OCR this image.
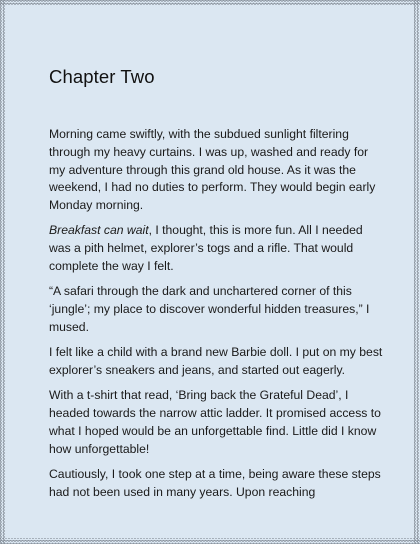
Chapter Two

Morning came swiftly, with the subdued sunlight filtering through my heavy curtains. I was up, washed and ready for my adventure through this grand old house. As it was the weekend, I had no duties to perform. They would begin early Monday morning.

Breakfast can wait, I thought, this is more fun. All I needed was a pith helmet, explorer’s togs and a rifle. That would complete the way I felt.

“A safari through the dark and unchartered corner of this ‘jungle’; my place to discover wonderful hidden treasures,” I mused.

I felt like a child with a brand new Barbie doll. I put on my best explorer’s sneakers and jeans, and started out eagerly.

With a t-shirt that read, ‘Bring back the Grateful Dead’, I headed towards the narrow attic ladder. It promised access to what I hoped would be an unforgettable find. Little did I know how unforgettable!

Cautiously, I took one step at a time, being aware these steps had not been used in many years. Upon reaching
